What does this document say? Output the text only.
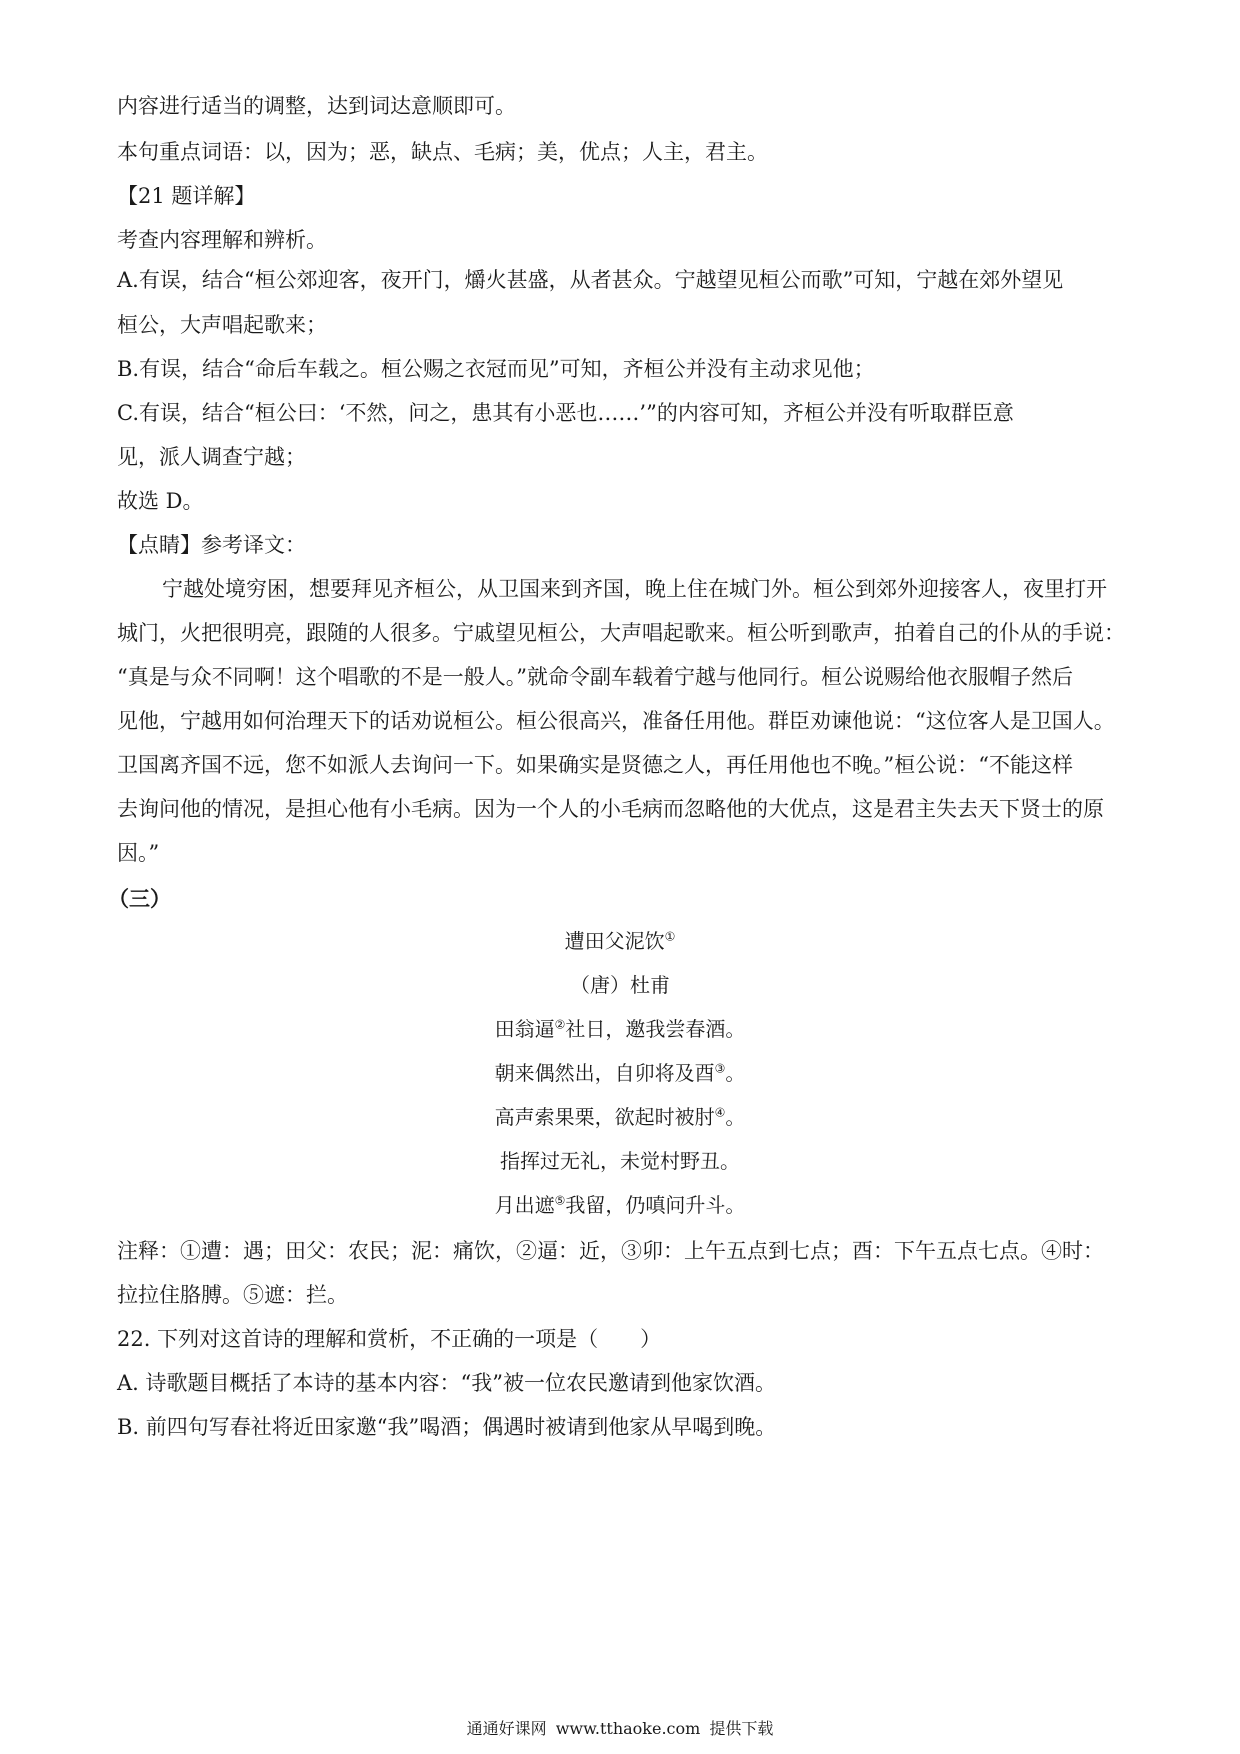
内容进行适当的调整，达到词达意顺即可。
本句重点词语：以，因为；恶，缺点、毛病；美，优点；人主，君主。
【21 题详解】
考查内容理解和辨析。
A.有误，结合“桓公郊迎客，夜开门，爝火甚盛，从者甚众。宁越望见桓公而歌”可知，宁越在郊外望见
桓公，大声唱起歌来；
B.有误，结合“命后车载之。桓公赐之衣冠而见”可知，齐桓公并没有主动求见他；
C.有误，结合“桓公曰：‘不然，问之，患其有小恶也……’”的内容可知，齐桓公并没有听取群臣意
见，派人调查宁越；
故选 D。
【点睛】参考译文：
宁越处境穷困，想要拜见齐桓公，从卫国来到齐国，晚上住在城门外。桓公到郊外迎接客人，夜里打开
城门，火把很明亮，跟随的人很多。宁戚望见桓公，大声唱起歌来。桓公听到歌声，拍着自己的仆从的手说：
“真是与众不同啊！这个唱歌的不是一般人。”就命令副车载着宁越与他同行。桓公说赐给他衣服帽子然后
见他，宁越用如何治理天下的话劝说桓公。桓公很高兴，准备任用他。群臣劝谏他说：“这位客人是卫国人。
卫国离齐国不远，您不如派人去询问一下。如果确实是贤德之人，再任用他也不晚。”桓公说：“不能这样
去询问他的情况，是担心他有小毛病。因为一个人的小毛病而忽略他的大优点，这是君主失去天下贤士的原
因。”
（三）
遭田父泥饮①
（唐）杜甫
田翁逼②社日，邀我尝春酒。
朝来偶然出，自卯将及酉③。
高声索果栗，欲起时被肘④。
指挥过无礼，未觉村野丑。
月出遮⑤我留，仍嗔问升斗。
注释：①遭：遇；田父：农民；泥：痛饮，②逼：近，③卯：上午五点到七点；酉：下午五点七点。④时：
拉拉住胳膊。⑤遮：拦。
22. 下列对这首诗的理解和赏析，不正确的一项是（　　）
A. 诗歌题目概括了本诗的基本内容：“我”被一位农民邀请到他家饮酒。
B. 前四句写春社将近田家邀“我”喝酒；偶遇时被请到他家从早喝到晚。
通通好课网 www.tthaoke.com 提供下载
